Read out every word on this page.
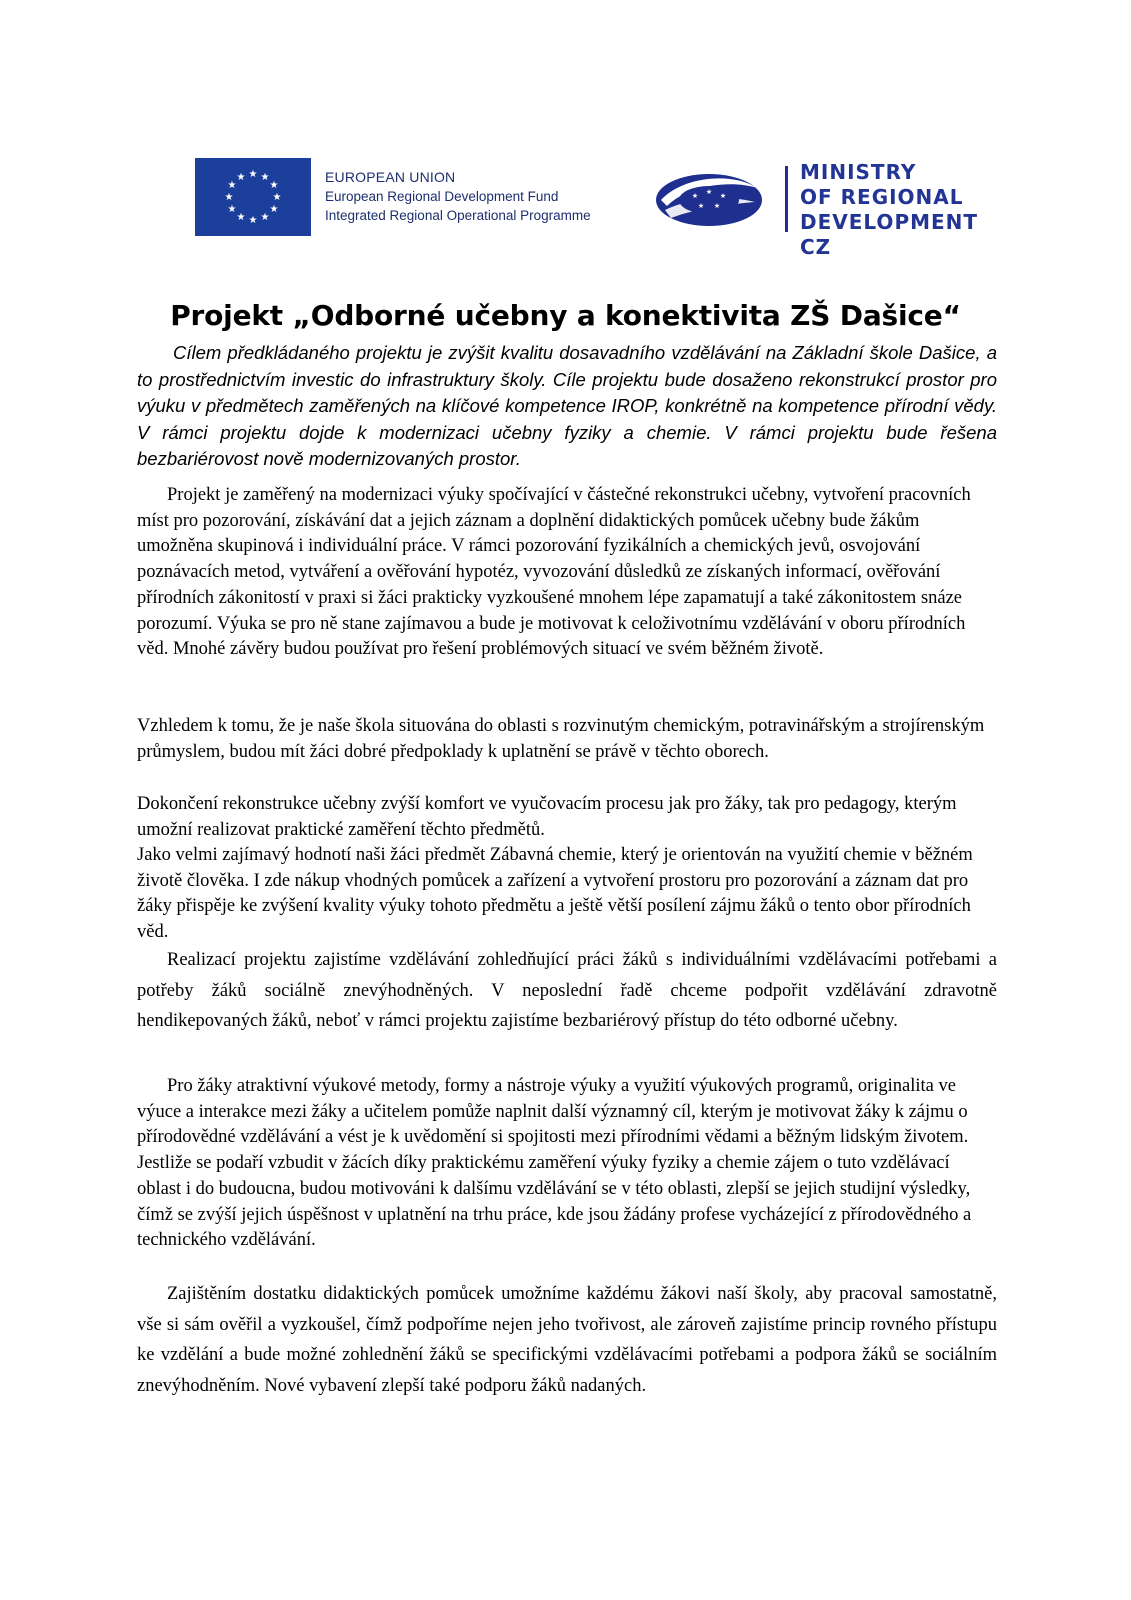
★ ★
★
★
★
★
★
★
★
★
★
★	EUROPEAN UNION
European Regional Development Fund
Integrated Regional Operational Programme
★ ★ ★
★ ★
MINISTRY
OF REGIONAL
DEVELOPMENT CZ
Projekt „Odborné učebny a konektivita ZŠ Dašice“

Cílem předkládaného projektu je zvýšit kvalitu dosavadního vzdělávání na Základní škole Dašice, a to prostřednictvím investic do infrastruktury školy. Cíle projektu bude dosaženo rekonstrukcí prostor pro výuku v předmětech zaměřených na klíčové kompetence IROP, konkrétně na kompetence přírodní vědy. V rámci projektu dojde k modernizaci učebny fyziky a chemie. V rámci projektu bude řešena bezbariérovost nově modernizovaných prostor.

Projekt je zaměřený na modernizaci výuky spočívající v částečné rekonstrukci učebny, vytvoření pracovních míst pro pozorování, získávání dat a jejich záznam a doplnění didaktických pomůcek učebny bude žákům umožněna skupinová i individuální práce. V rámci pozorování fyzikálních a chemických jevů, osvojování poznávacích metod, vytváření a ověřování hypotéz, vyvozování důsledků ze získaných informací, ověřování přírodních zákonitostí v praxi si žáci prakticky vyzkoušené mnohem lépe zapamatují a také zákonitostem snáze porozumí. Výuka se pro ně stane zajímavou a bude je motivovat k celoživotnímu vzdělávání v oboru přírodních věd. Mnohé závěry budou používat pro řešení problémových situací ve svém běžném životě.

Vzhledem k tomu, že je naše škola situována do oblasti s rozvinutým chemickým, potravinářským a strojírenským průmyslem, budou mít žáci dobré předpoklady k uplatnění se právě v těchto oborech.

Dokončení rekonstrukce učebny zvýší komfort ve vyučovacím procesu jak pro žáky, tak pro pedagogy, kterým umožní realizovat praktické zaměření těchto předmětů.

Jako velmi zajímavý hodnotí naši žáci předmět Zábavná chemie, který je orientován na využití chemie v běžném životě člověka. I zde nákup vhodných pomůcek a zařízení a vytvoření prostoru pro pozorování a záznam dat pro žáky přispěje ke zvýšení kvality výuky tohoto předmětu a ještě větší posílení zájmu žáků o tento obor přírodních věd.

Realizací projektu zajistíme vzdělávání zohledňující práci žáků s individuálními vzdělávacími potřebami a potřeby žáků sociálně znevýhodněných. V neposlední řadě chceme podpořit vzdělávání zdravotně hendikepovaných žáků, neboť v rámci projektu zajistíme bezbariérový přístup do této odborné učebny.

Pro žáky atraktivní výukové metody, formy a nástroje výuky a využití výukových programů, originalita ve výuce a interakce mezi žáky a učitelem pomůže naplnit další významný cíl, kterým je motivovat žáky k zájmu o přírodovědné vzdělávání a vést je k uvědomění si spojitosti mezi přírodními vědami a běžným lidským životem. Jestliže se podaří vzbudit v žácích díky praktickému zaměření výuky fyziky a chemie zájem o tuto vzdělávací oblast i do budoucna, budou motivováni k dalšímu vzdělávání se v této oblasti, zlepší se jejich studijní výsledky, čímž se zvýší jejich úspěšnost v uplatnění na trhu práce, kde jsou žádány profese vycházející z přírodovědného a technického vzdělávání.

Zajištěním dostatku didaktických pomůcek umožníme každému žákovi naší školy, aby pracoval samostatně, vše si sám ověřil a vyzkoušel, čímž podpoříme nejen jeho tvořivost, ale zároveň zajistíme princip rovného přístupu ke vzdělání a bude možné zohlednění žáků se specifickými vzdělávacími potřebami a podpora žáků se sociálním znevýhodněním. Nové vybavení zlepší také podporu žáků nadaných.
